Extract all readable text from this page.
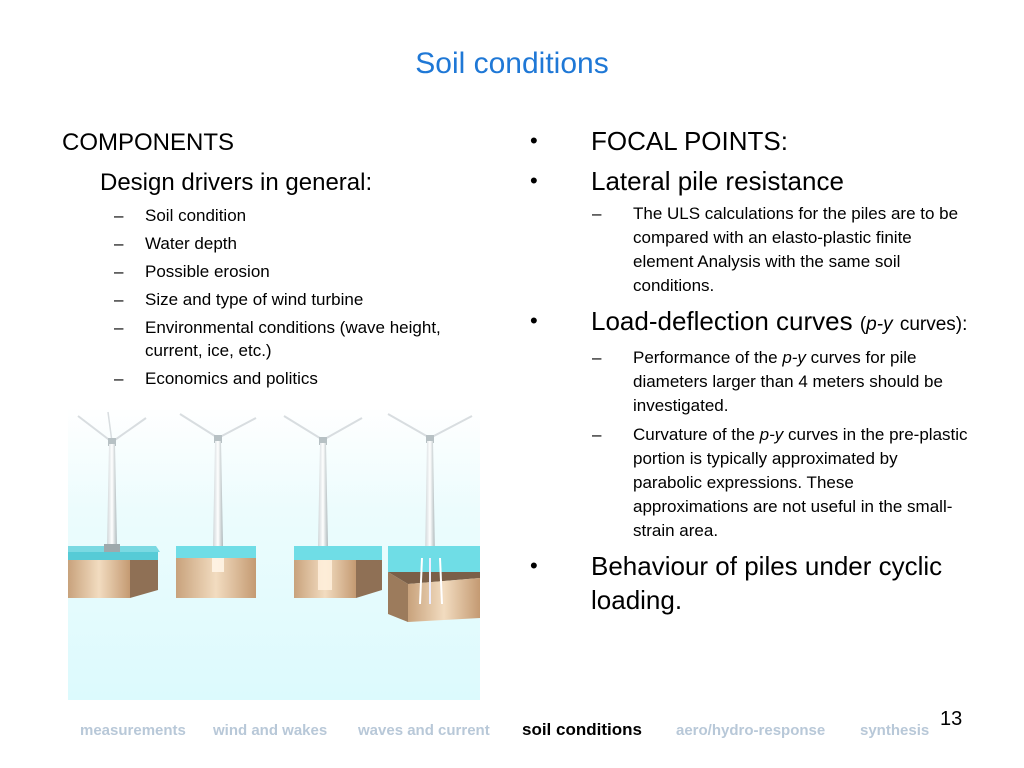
Soil conditions
COMPONENTS
Design drivers in general:
– Soil condition
– Water depth
– Possible erosion
– Size and type of wind turbine
– Environmental conditions (wave height, current, ice, etc.)
– Economics and politics
• FOCAL POINTS:
• Lateral pile resistance
– The ULS calculations for the piles are to be compared with an elasto-plastic finite element Analysis with the same soil conditions.
• Load-deflection curves (p-y curves):
– Performance of the p-y curves for pile diameters larger than 4 meters should be investigated.
– Curvature of the p-y curves in the pre-plastic portion is typically approximated by parabolic expressions. These approximations are not useful in the small-strain area.
• Behaviour of piles under cyclic loading.
measurements wind and wakes waves and current soil conditions aero/hydro-response synthesis
13
